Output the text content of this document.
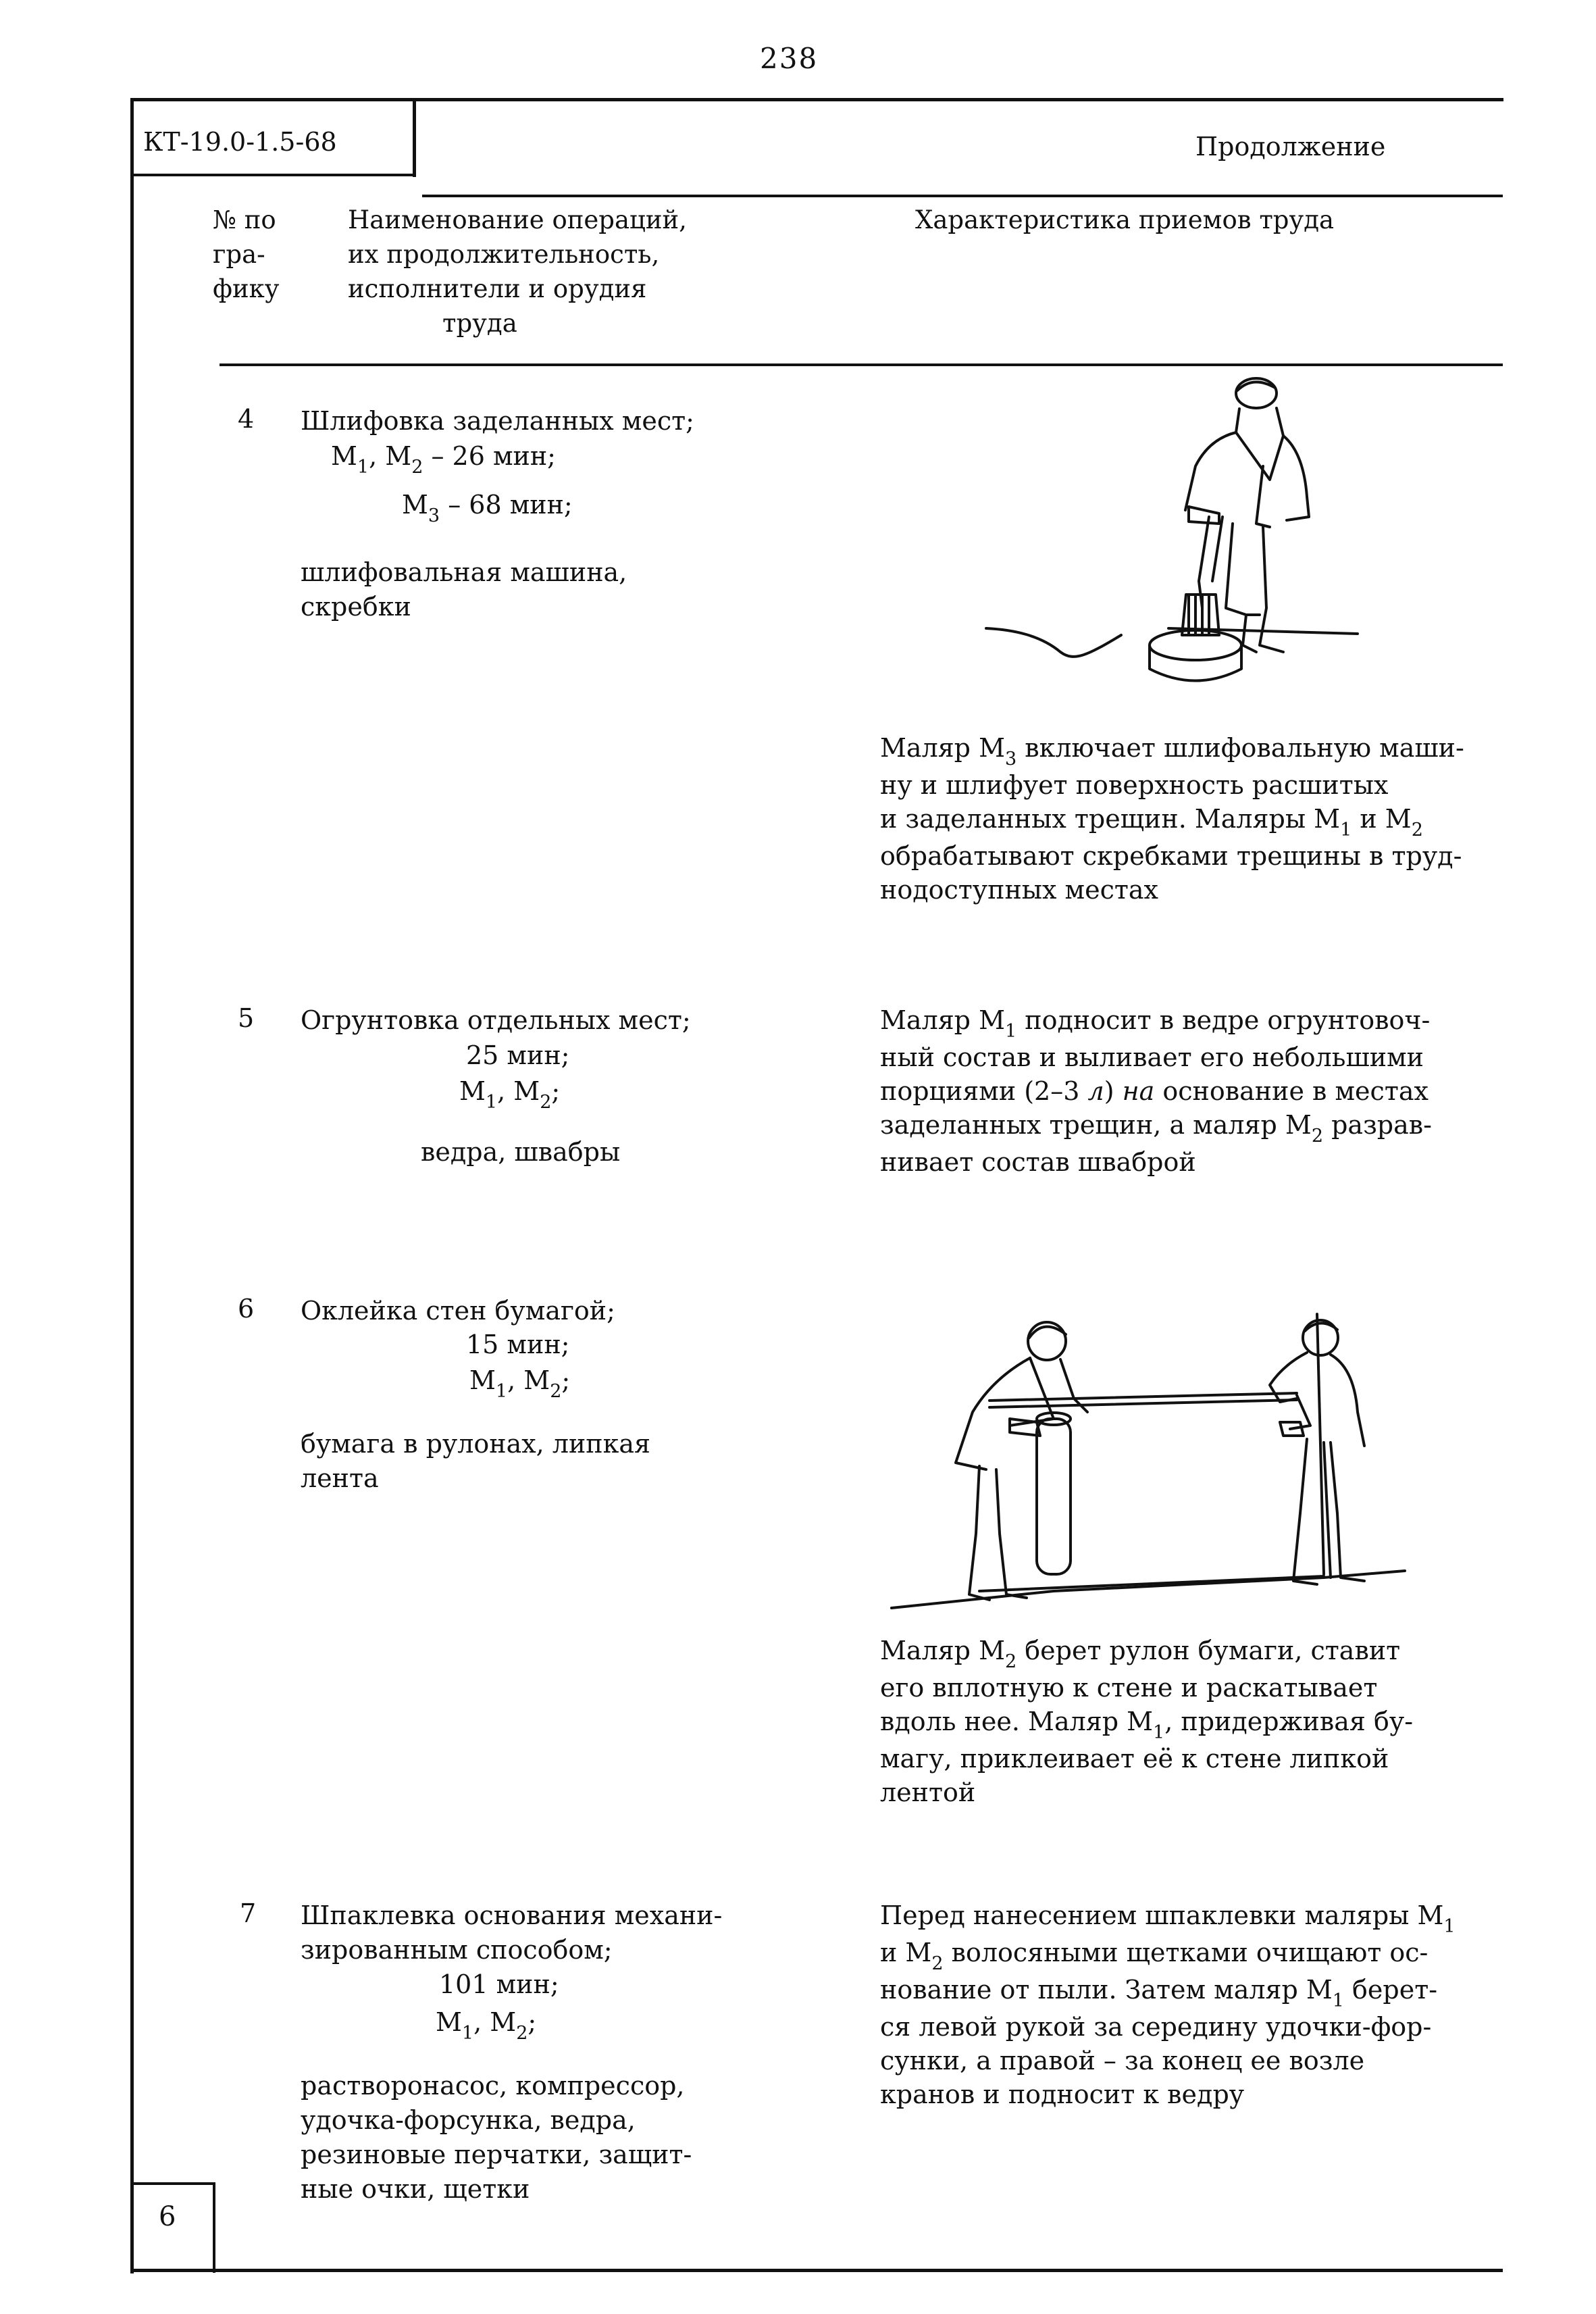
238
КТ-19.0-1.5-68	Продолжение
№ по
гра-
фику
Наименование операций,
их продолжительность,
исполнители и орудия
труда
Характеристика приемов труда
4 Шлифовка заделанных мест;
$М_1$, $М_2 - 26$ мин;
$М_3 - 68$ мин;
шлифовальная машина,
скребки
Маляр $М_3$ включает шлифовальную маши-
ну и шлифует поверхность расшитых
и заделанных трещин. Маляры $М_1$ и $М_2$
обрабатывают скребками трещины в труд-
нодоступных местах
5 Огрунтовка отдельных мест;
25 мин;
$М_1$, $М_2$;
ведра, швабры
Маляр $М_1$ подносит в ведре огрунтовоч-
ный состав и выливает его небольшими
порциями (2–3 л) на основание в местах
заделанных трещин, а маляр $М_2$ разрав-
нивает состав шваброй
6 Оклейка стен бумагой;
15 мин;
$М_1$, $М_2$;
бумага в рулонах, липкая
лента
Маляр $М_2$ берет рулон бумаги, ставит
его вплотную к стене и раскатывает
вдоль нее. Маляр $М_1$, придерживая бу-
магу, приклеивает её к стене липкой
лентой
7 Шпаклевка основания механи-
зированным способом;
101 мин;
$М_1$, $М_2$;
растворонасос, компрессор,
удочка-форсунка, ведра,
резиновые перчатки, защит-
ные очки, щетки
Перед нанесением шпаклевки маляры $М_1$
и $М_2$ волосяными щетками очищают ос-
нование от пыли. Затем маляр $М_1$ берет-
ся левой рукой за середину удочки-фор-
сунки, а правой – за конец ее возле
кранов и подносит к ведру
6
